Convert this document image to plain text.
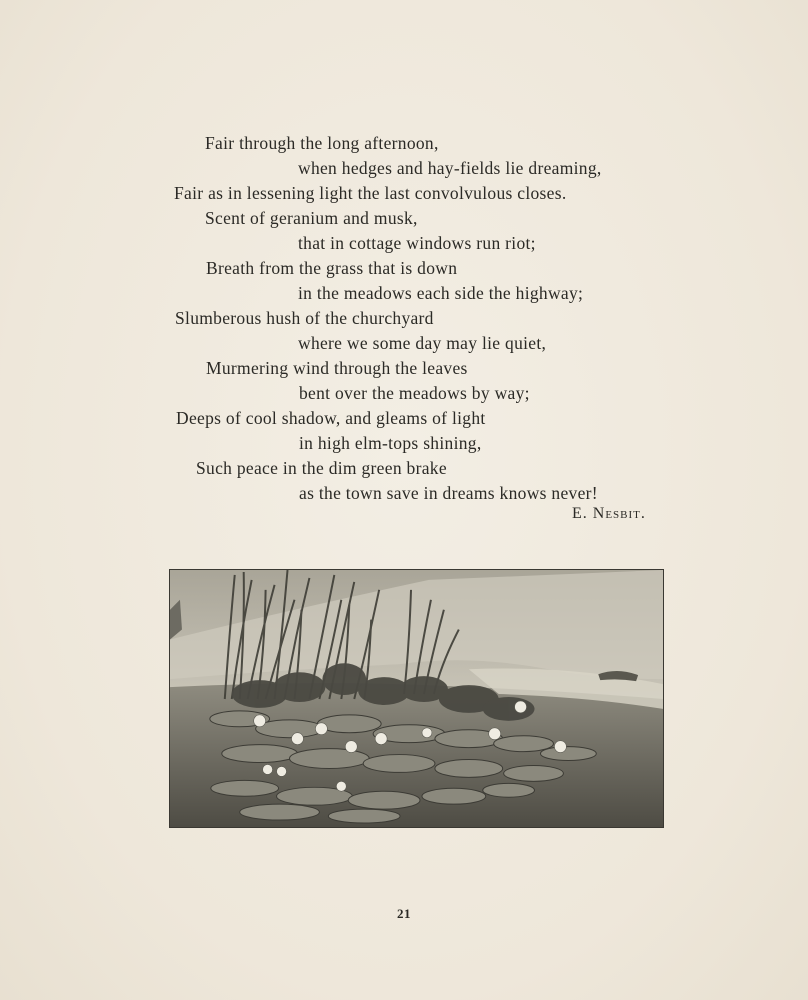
Fair through the long afternoon,
when hedges and hay-fields lie dreaming,
Fair as in lessening light the last convolvulous closes.
Scent of geranium and musk,
that in cottage windows run riot;
Breath from the grass that is down
in the meadows each side the highway;
Slumberous hush of the churchyard
where we some day may lie quiet,
Murmering wind through the leaves
bent over the meadows by way;
Deeps of cool shadow, and gleams of light
in high elm-tops shining,
Such peace in the dim green brake
as the town save in dreams knows never!
E. Nesbit.
21
